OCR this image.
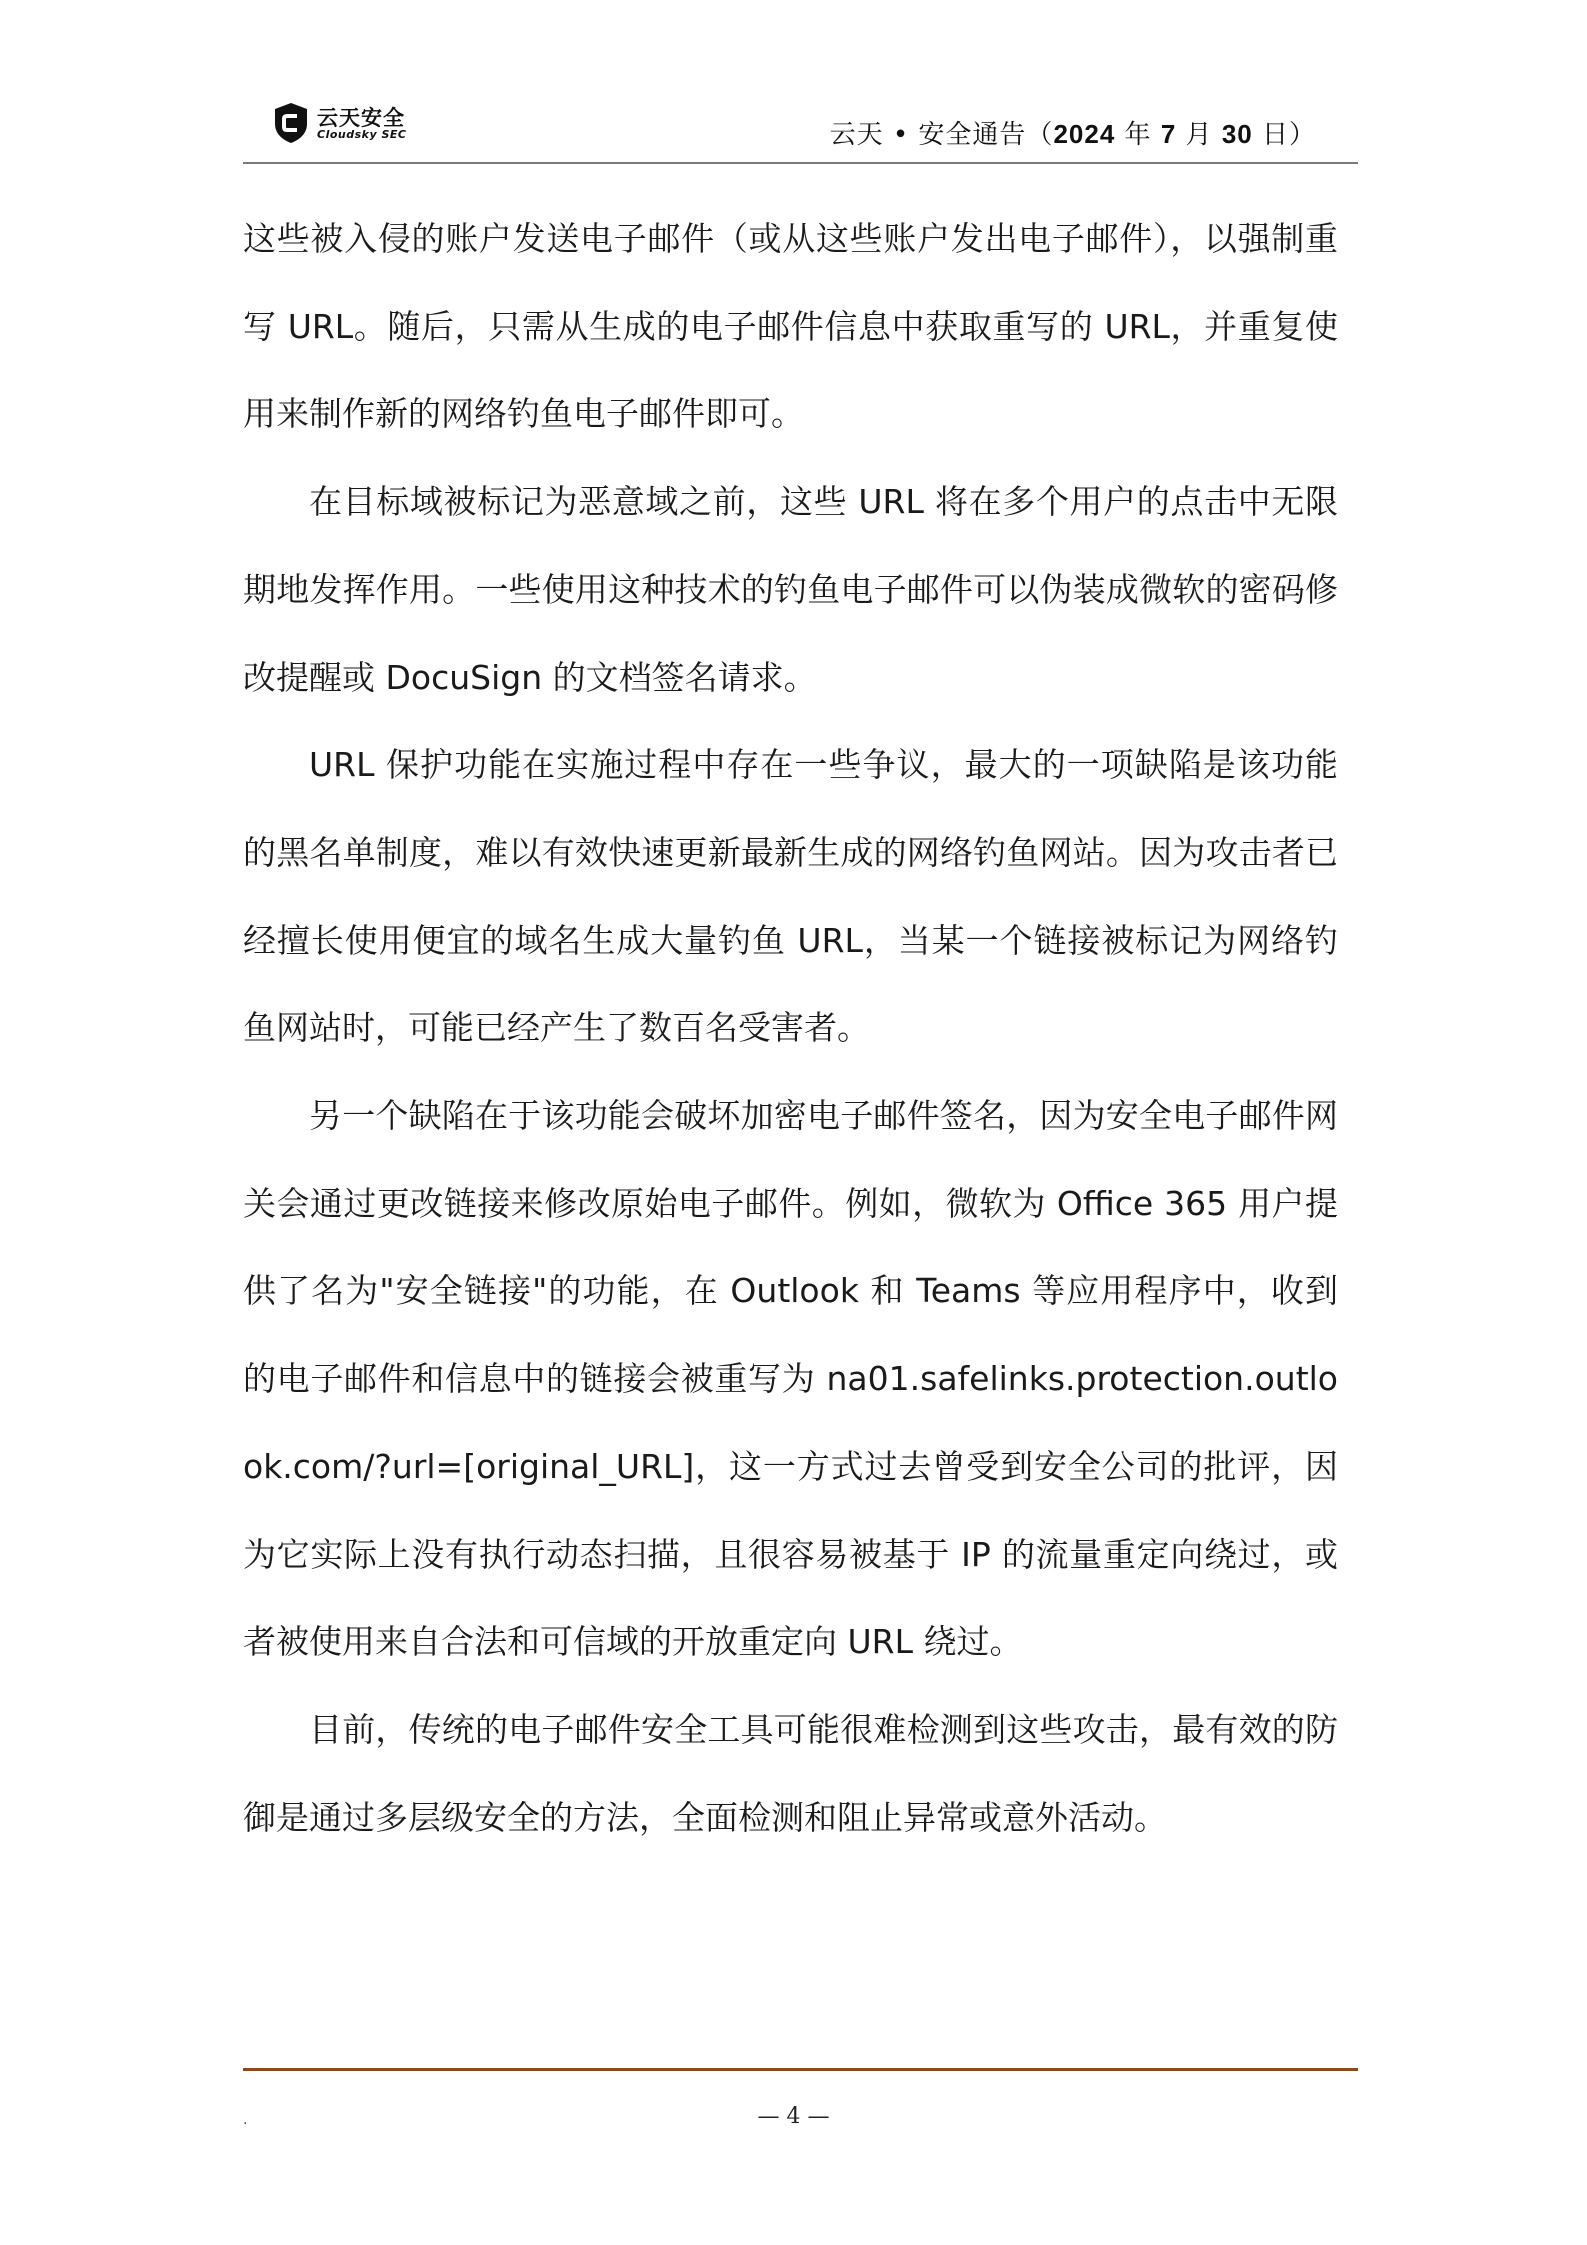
云天安全
Cloudsky SEC	云天 • 安全通告（2024 年 7 月 30 日）

这些被入侵的账户发送电子邮件（或从这些账户发出电子邮件），以强制重写 URL。随后，只需从生成的电子邮件信息中获取重写的 URL，并重复使用来制作新的网络钓鱼电子邮件即可。

在目标域被标记为恶意域之前，这些 URL 将在多个用户的点击中无限期地发挥作用。一些使用这种技术的钓鱼电子邮件可以伪装成微软的密码修改提醒或 DocuSign 的文档签名请求。

URL 保护功能在实施过程中存在一些争议，最大的一项缺陷是该功能的黑名单制度，难以有效快速更新最新生成的网络钓鱼网站。因为攻击者已经擅长使用便宜的域名生成大量钓鱼 URL，当某一个链接被标记为网络钓鱼网站时，可能已经产生了数百名受害者。

另一个缺陷在于该功能会破坏加密电子邮件签名，因为安全电子邮件网关会通过更改链接来修改原始电子邮件。例如，微软为 Office 365 用户提供了名为"安全链接"的功能，在 Outlook 和 Teams 等应用程序中，收到的电子邮件和信息中的链接会被重写为 na01.safelinks.protection.outlook.com/?url=[original_URL]，这一方式过去曾受到安全公司的批评，因为它实际上没有执行动态扫描，且很容易被基于 IP 的流量重定向绕过，或者被使用来自合法和可信域的开放重定向 URL 绕过。

目前，传统的电子邮件安全工具可能很难检测到这些攻击，最有效的防御是通过多层级安全的方法，全面检测和阻止异常或意外活动。

.	— 4 —
